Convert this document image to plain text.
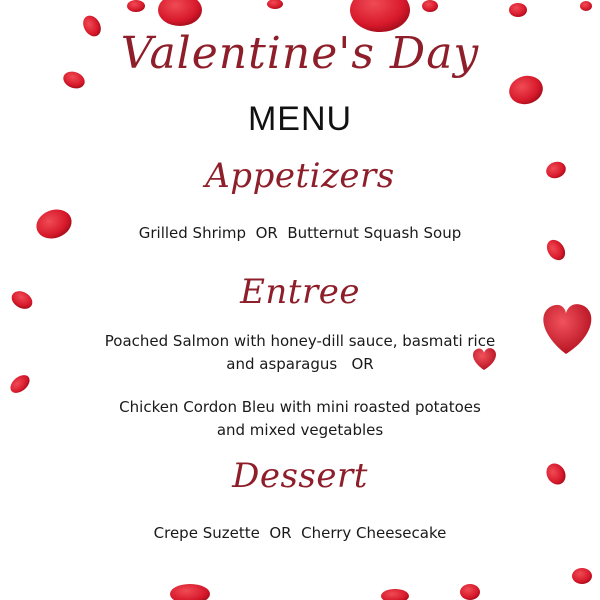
Valentine's Day
MENU
Appetizers
Grilled Shrimp  OR  Butternut Squash Soup
Entree
Poached Salmon with honey-dill sauce, basmati rice
and asparagus   OR
Chicken Cordon Bleu with mini roasted potatoes
and mixed vegetables
Dessert
Crepe Suzette  OR  Cherry Cheesecake
